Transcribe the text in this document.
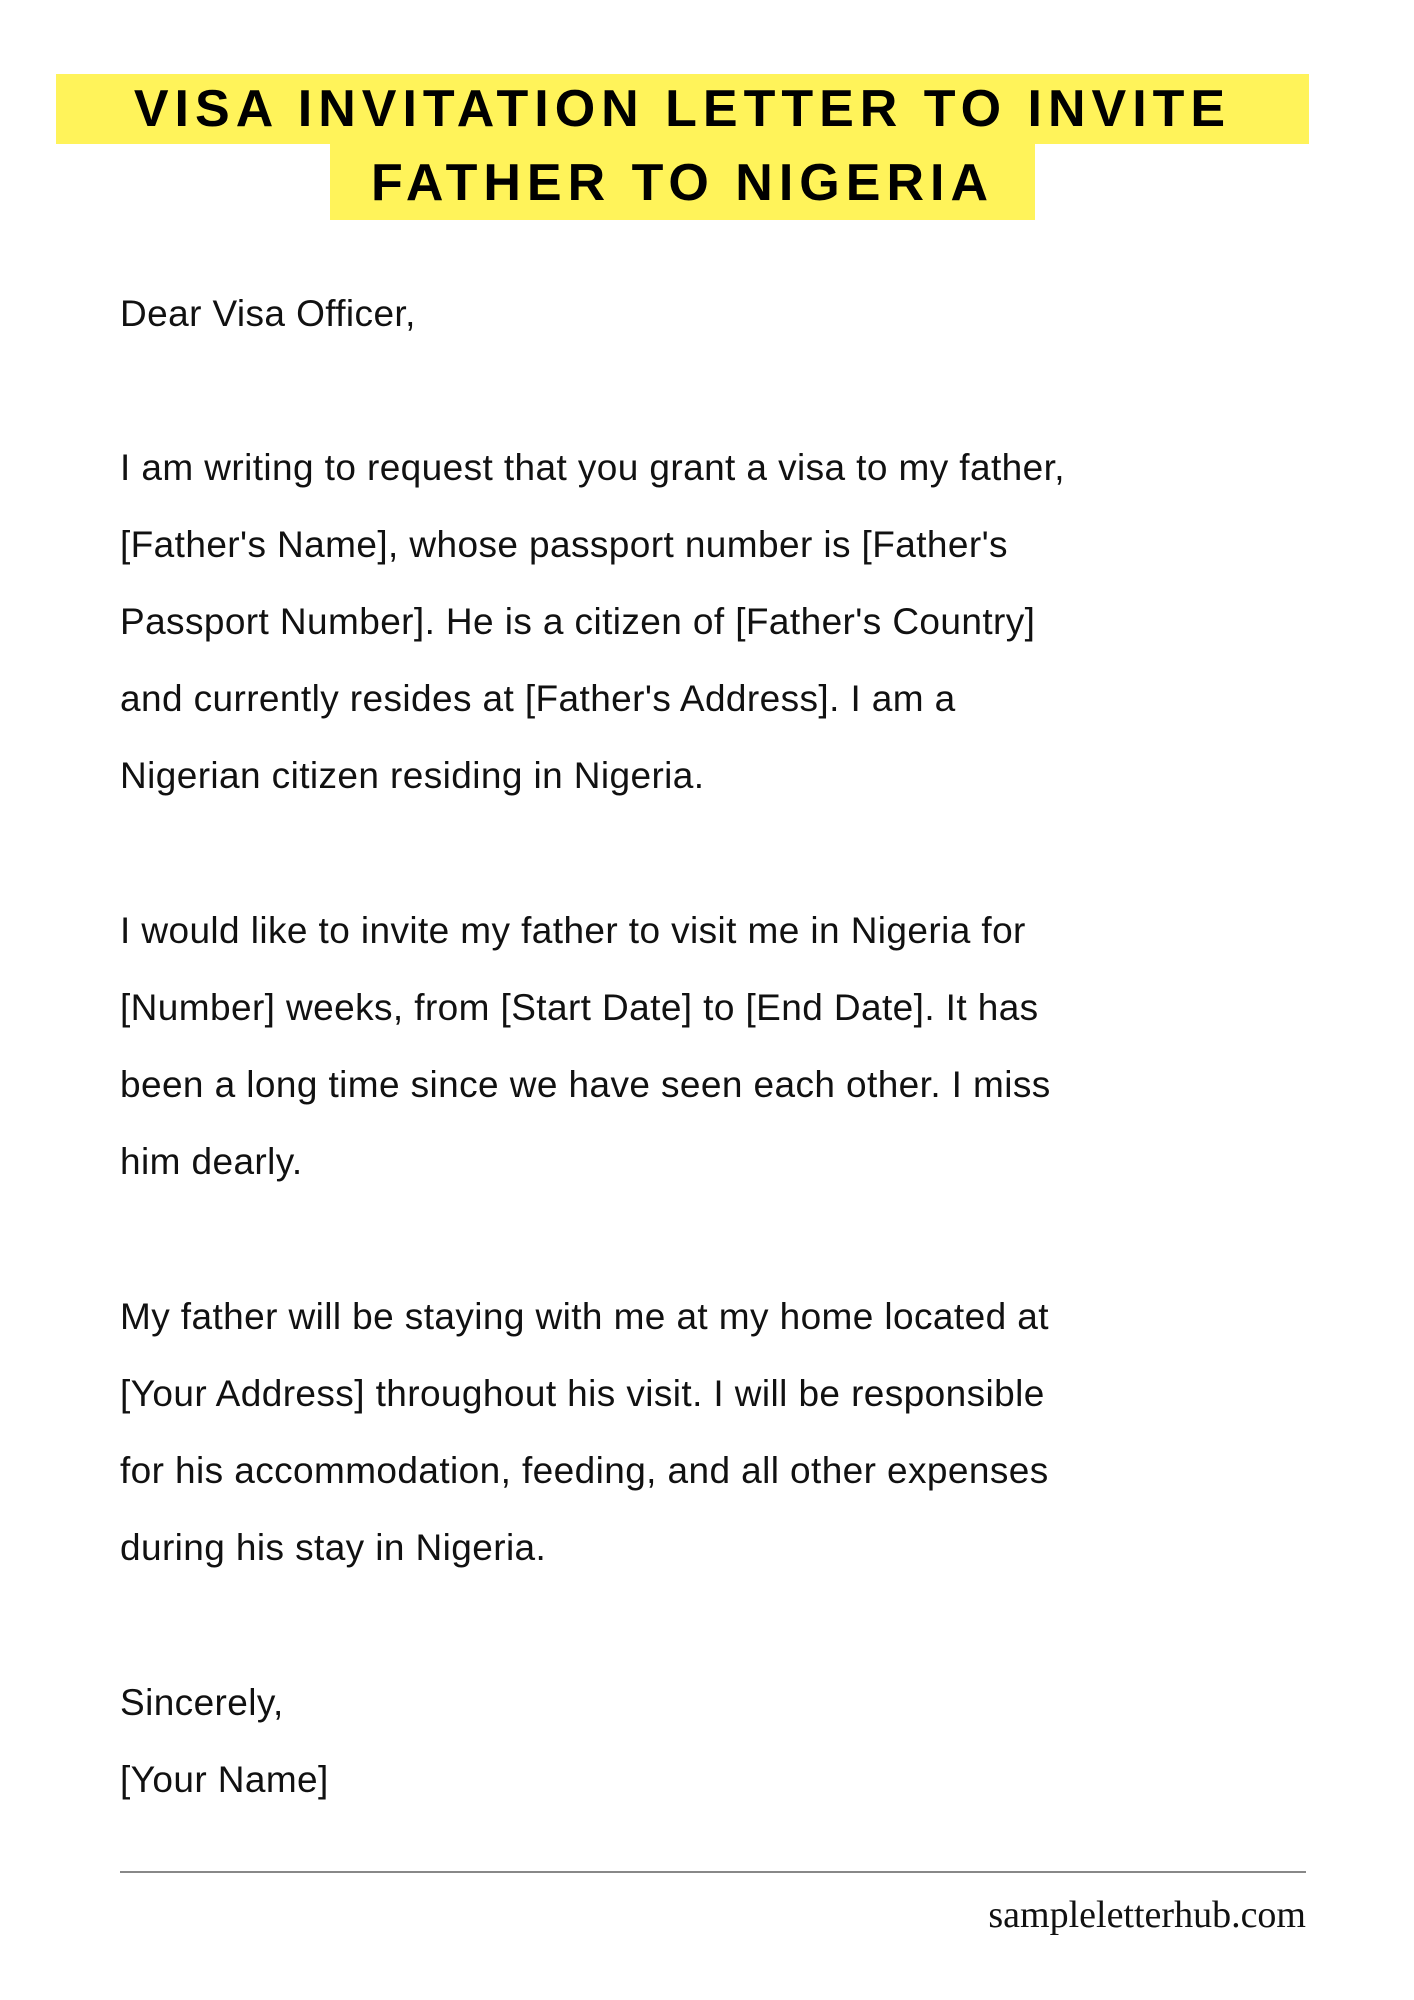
VISA INVITATION LETTER TO INVITE
FATHER TO NIGERIA
Dear Visa Officer,
I am writing to request that you grant a visa to my father,
[Father's Name], whose passport number is [Father's
Passport Number]. He is a citizen of [Father's Country]
and currently resides at [Father's Address]. I am a
Nigerian citizen residing in Nigeria.
I would like to invite my father to visit me in Nigeria for
[Number] weeks, from [Start Date] to [End Date]. It has
been a long time since we have seen each other. I miss
him dearly.
My father will be staying with me at my home located at
[Your Address] throughout his visit. I will be responsible
for his accommodation, feeding, and all other expenses
during his stay in Nigeria.
Sincerely,
[Your Name]
sampleletterhub.com
